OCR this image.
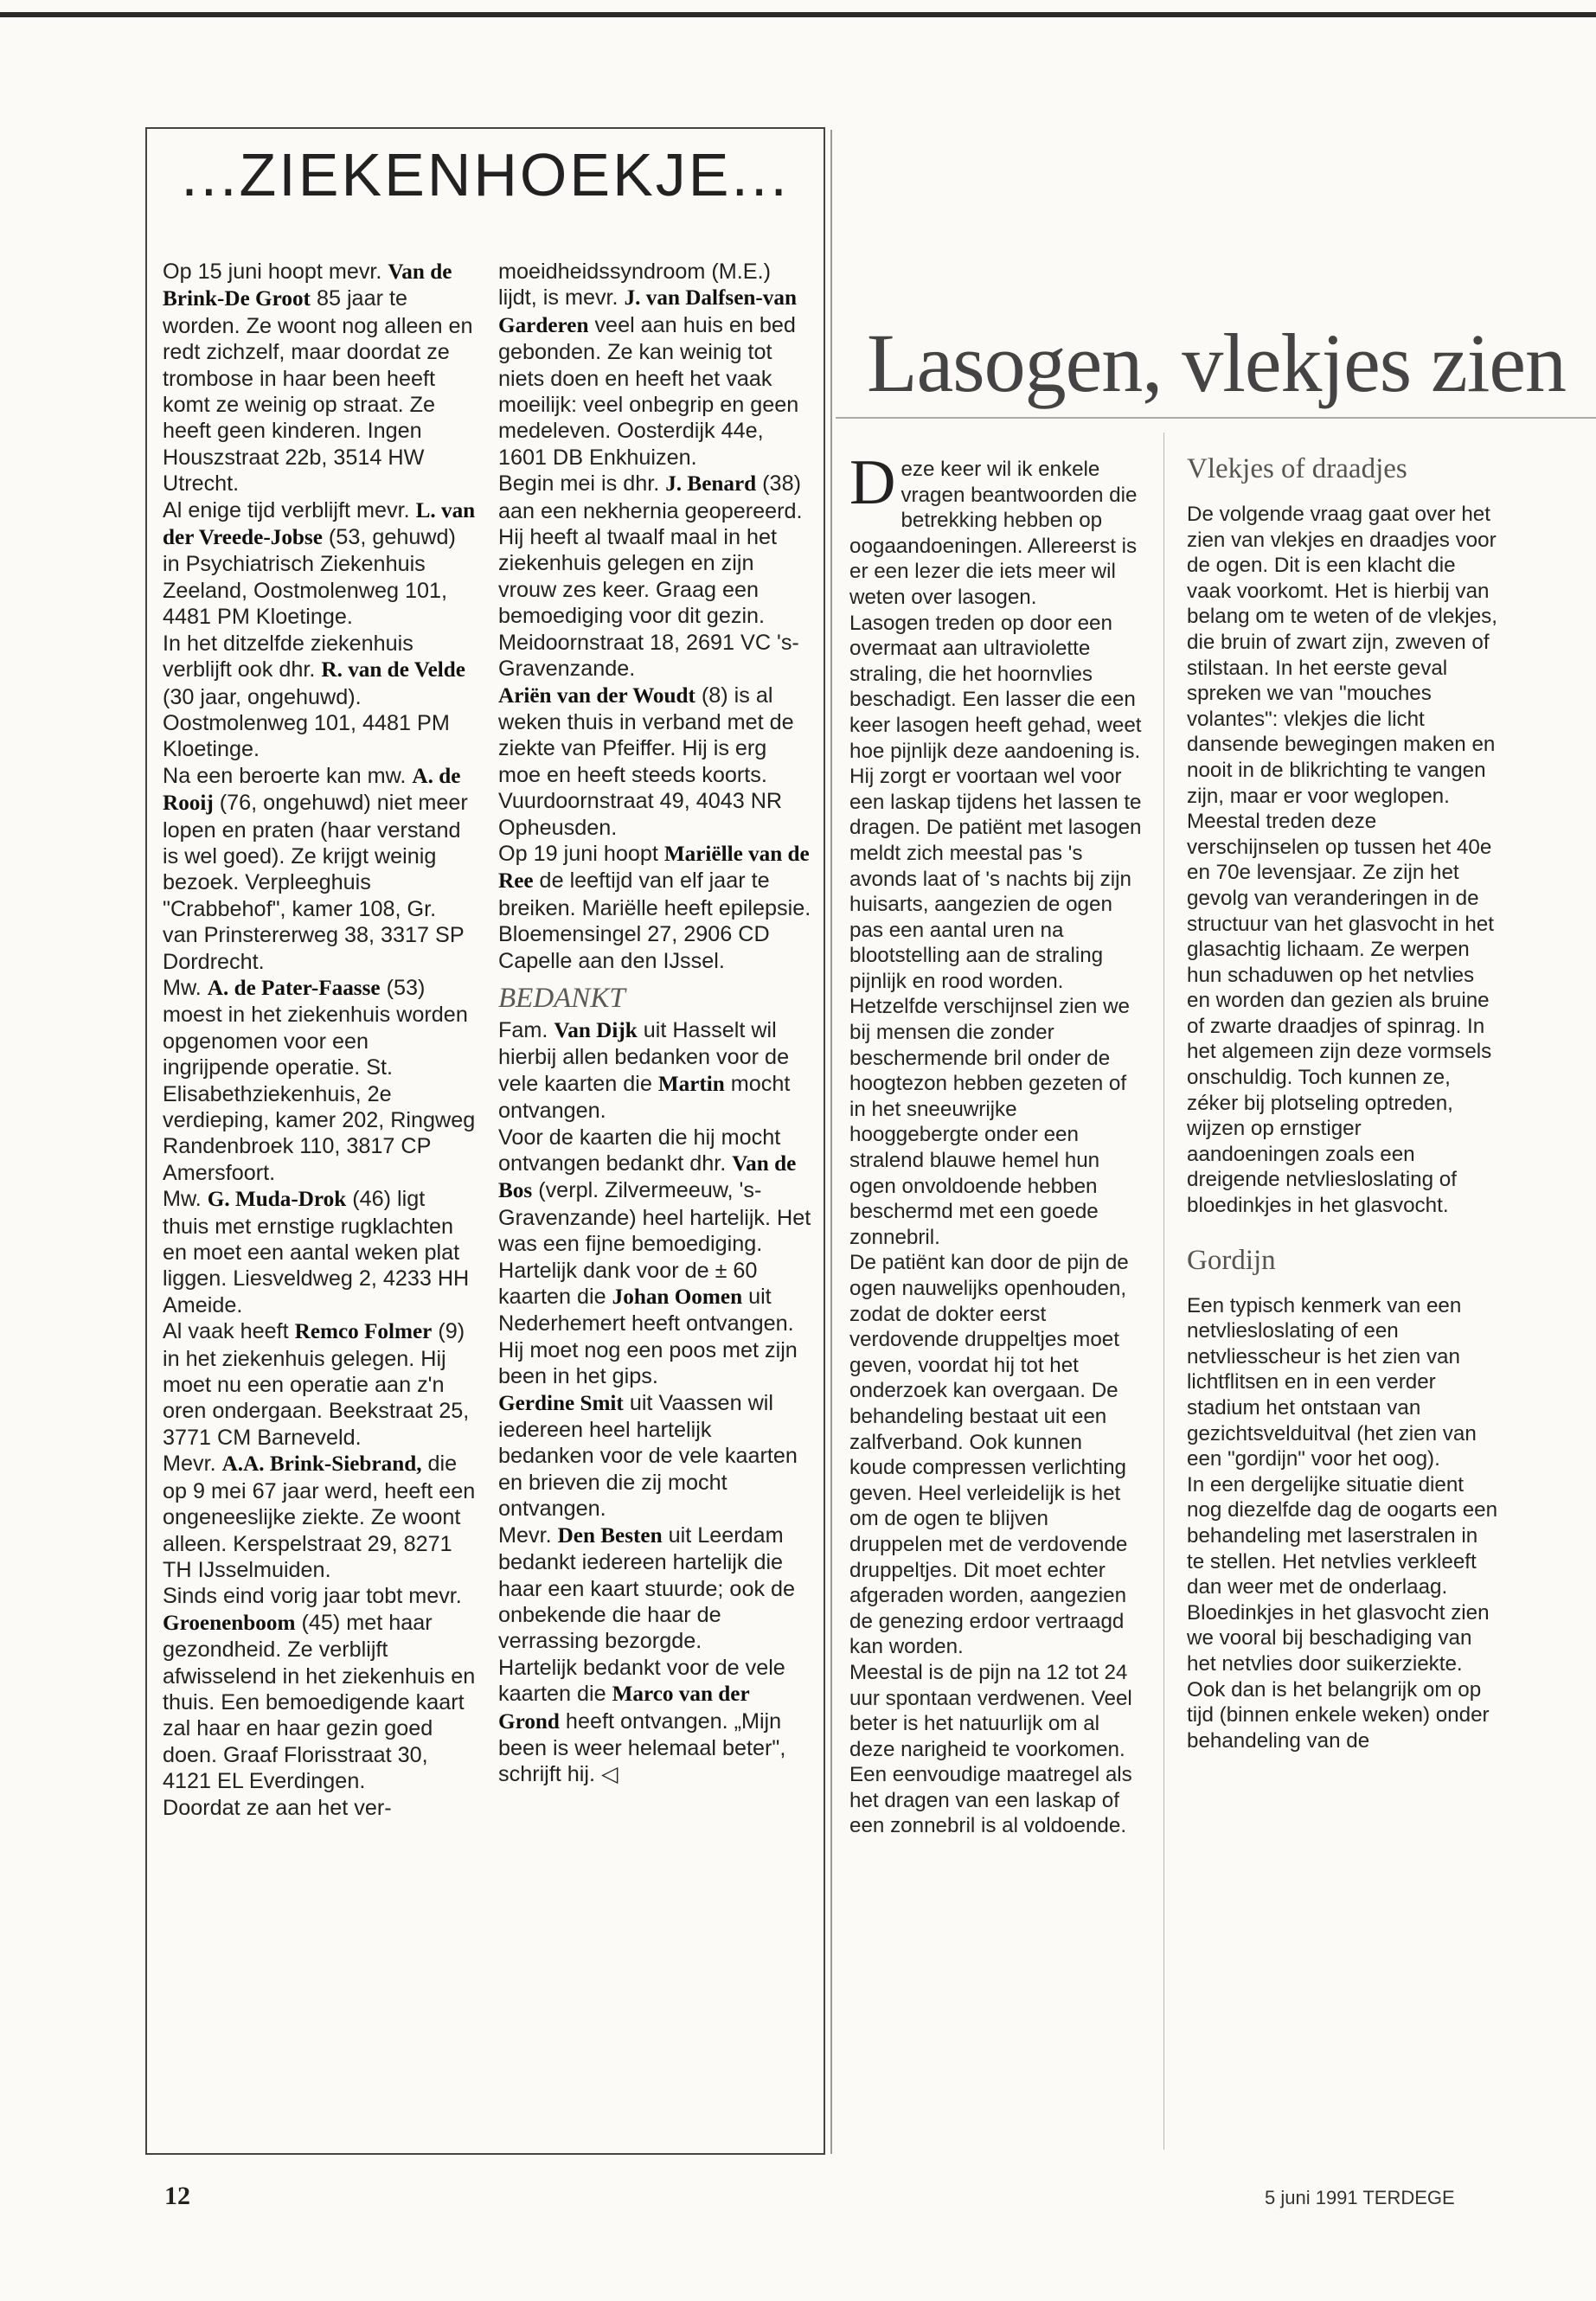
...ZIEKENHOEKJE...

Op 15 juni hoopt mevr. Van de Brink-De Groot 85 jaar te worden. Ze woont nog alleen en redt zichzelf, maar doordat ze trombose in haar been heeft komt ze weinig op straat. Ze heeft geen kinderen. Ingen Houszstraat 22b, 3514 HW Utrecht.

Al enige tijd verblijft mevr. L. van der Vreede-Jobse (53, gehuwd) in Psychiatrisch Ziekenhuis Zeeland, Oostmolenweg 101, 4481 PM Kloetinge.

In het ditzelfde ziekenhuis verblijft ook dhr. R. van de Velde (30 jaar, ongehuwd). Oostmolenweg 101, 4481 PM Kloetinge.

Na een beroerte kan mw. A. de Rooij (76, ongehuwd) niet meer lopen en praten (haar verstand is wel goed). Ze krijgt weinig bezoek. Verpleeghuis "Crabbehof", kamer 108, Gr. van Prinstererweg 38, 3317 SP Dordrecht.

Mw. A. de Pater-Faasse (53) moest in het ziekenhuis worden opgenomen voor een ingrijpende operatie. St. Elisabethziekenhuis, 2e verdieping, kamer 202, Ringweg Randenbroek 110, 3817 CP Amersfoort.

Mw. G. Muda-Drok (46) ligt thuis met ernstige rugklachten en moet een aantal weken plat liggen. Liesveldweg 2, 4233 HH Ameide.

Al vaak heeft Remco Folmer (9) in het ziekenhuis gelegen. Hij moet nu een operatie aan z'n oren ondergaan. Beekstraat 25, 3771 CM Barneveld.

Mevr. A.A. Brink-Siebrand, die op 9 mei 67 jaar werd, heeft een ongeneeslijke ziekte. Ze woont alleen. Kerspelstraat 29, 8271 TH IJsselmuiden.

Sinds eind vorig jaar tobt mevr. Groenenboom (45) met haar gezondheid. Ze verblijft afwisselend in het ziekenhuis en thuis. Een bemoedigende kaart zal haar en haar gezin goed doen. Graaf Florisstraat 30, 4121 EL Everdingen.

Doordat ze aan het ver-

moeidheidssyndroom (M.E.) lijdt, is mevr. J. van Dalfsen-van Garderen veel aan huis en bed gebonden. Ze kan weinig tot niets doen en heeft het vaak moeilijk: veel onbegrip en geen medeleven. Oosterdijk 44e, 1601 DB Enkhuizen.

Begin mei is dhr. J. Benard (38) aan een nekhernia geopereerd. Hij heeft al twaalf maal in het ziekenhuis gelegen en zijn vrouw zes keer. Graag een bemoediging voor dit gezin. Meidoornstraat 18, 2691 VC 's-Gravenzande.

Ariën van der Woudt (8) is al weken thuis in verband met de ziekte van Pfeiffer. Hij is erg moe en heeft steeds koorts. Vuurdoornstraat 49, 4043 NR Opheusden.

Op 19 juni hoopt Mariëlle van de Ree de leeftijd van elf jaar te breiken. Mariëlle heeft epilepsie. Bloemensingel 27, 2906 CD Capelle aan den IJssel.

BEDANKT

Fam. Van Dijk uit Hasselt wil hierbij allen bedanken voor de vele kaarten die Martin mocht ontvangen.

Voor de kaarten die hij mocht ontvangen bedankt dhr. Van de Bos (verpl. Zilvermeeuw, 's-Gravenzande) heel hartelijk. Het was een fijne bemoediging.

Hartelijk dank voor de ± 60 kaarten die Johan Oomen uit Nederhemert heeft ontvangen. Hij moet nog een poos met zijn been in het gips.

Gerdine Smit uit Vaassen wil iedereen heel hartelijk bedanken voor de vele kaarten en brieven die zij mocht ontvangen.

Mevr. Den Besten uit Leerdam bedankt iedereen hartelijk die haar een kaart stuurde; ook de onbekende die haar de verrassing bezorgde.

Hartelijk bedankt voor de vele kaarten die Marco van der Grond heeft ontvangen. „Mijn been is weer helemaal beter", schrijft hij. ◁

Lasogen, vlekjes zien

Deze keer wil ik enkele vragen beantwoorden die betrekking hebben op oogaandoeningen. Allereerst is er een lezer die iets meer wil weten over lasogen.

Lasogen treden op door een overmaat aan ultraviolette straling, die het hoornvlies beschadigt. Een lasser die een keer lasogen heeft gehad, weet hoe pijnlijk deze aandoening is. Hij zorgt er voortaan wel voor een laskap tijdens het lassen te dragen. De patiënt met lasogen meldt zich meestal pas 's avonds laat of 's nachts bij zijn huisarts, aangezien de ogen pas een aantal uren na blootstelling aan de straling pijnlijk en rood worden. Hetzelfde verschijnsel zien we bij mensen die zonder beschermende bril onder de hoogtezon hebben gezeten of in het sneeuwrijke hooggebergte onder een stralend blauwe hemel hun ogen onvoldoende hebben beschermd met een goede zonnebril.

De patiënt kan door de pijn de ogen nauwelijks openhouden, zodat de dokter eerst verdovende druppeltjes moet geven, voordat hij tot het onderzoek kan overgaan. De behandeling bestaat uit een zalfverband. Ook kunnen koude compressen verlichting geven. Heel verleidelijk is het om de ogen te blijven druppelen met de verdovende druppeltjes. Dit moet echter afgeraden worden, aangezien de genezing erdoor vertraagd kan worden.

Meestal is de pijn na 12 tot 24 uur spontaan verdwenen. Veel beter is het natuurlijk om al deze narigheid te voorkomen. Een eenvoudige maatregel als het dragen van een laskap of een zonnebril is al voldoende.

Vlekjes of draadjes

De volgende vraag gaat over het zien van vlekjes en draadjes voor de ogen. Dit is een klacht die vaak voorkomt. Het is hierbij van belang om te weten of de vlekjes, die bruin of zwart zijn, zweven of stilstaan. In het eerste geval spreken we van "mouches volantes": vlekjes die licht dansende bewegingen maken en nooit in de blikrichting te vangen zijn, maar er voor weglopen.

Meestal treden deze verschijnselen op tussen het 40e en 70e levensjaar. Ze zijn het gevolg van veranderingen in de structuur van het glasvocht in het glasachtig lichaam. Ze werpen hun schaduwen op het netvlies en worden dan gezien als bruine of zwarte draadjes of spinrag. In het algemeen zijn deze vormsels onschuldig. Toch kunnen ze, zéker bij plotseling optreden, wijzen op ernstiger aandoeningen zoals een dreigende netvliesloslating of bloedinkjes in het glasvocht.

Gordijn

Een typisch kenmerk van een netvliesloslating of een netvliesscheur is het zien van lichtflitsen en in een verder stadium het ontstaan van gezichtsvelduitval (het zien van een "gordijn" voor het oog).

In een dergelijke situatie dient nog diezelfde dag de oogarts een behandeling met laserstralen in te stellen. Het netvlies verkleeft dan weer met de onderlaag. Bloedinkjes in het glasvocht zien we vooral bij beschadiging van het netvlies door suikerziekte. Ook dan is het belangrijk om op tijd (binnen enkele weken) onder behandeling van de

12	5 juni 1991 TERDEGE
